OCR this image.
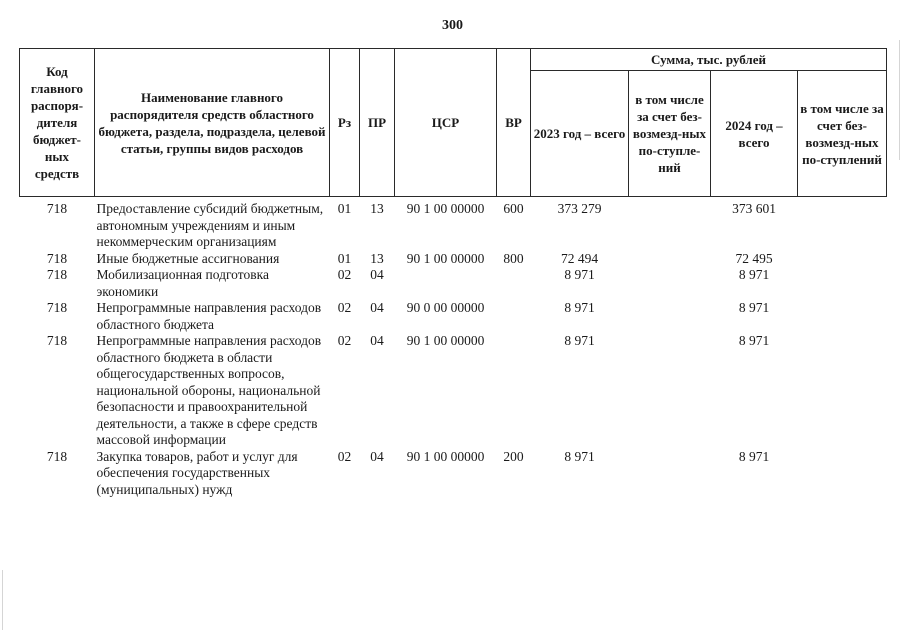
300
Код главного распоря-дителя бюджет-ных средств	Наименование главного распорядителя средств областного бюджета, раздела, подраздела, целевой статьи, группы видов расходов	Рз	ПР	ЦСР	ВР	Сумма, тыс. рублей			
						2023 год – всего	в том числе за счет без-возмезд-ных по-ступле-ний	2024 год – всего	в том числе за счет без-возмезд-ных по-ступлений

718	Предоставление субсидий бюджетным, автономным учреждениям и иным некоммерческим организациям	01	13	90 1 00 00000	600	373 279		373 601	
718	Иные бюджетные ассигнования	01	13	90 1 00 00000	800	72 494		72 495	
718	Мобилизационная подготовка экономики	02	04			8 971		8 971	
718	Непрограммные направления расходов областного бюджета	02	04	90 0 00 00000		8 971		8 971	
718	Непрограммные направления расходов областного бюджета в области общегосударственных вопросов, национальной обороны, национальной безопасности и правоохранительной деятельности, а также в сфере средств массовой информации	02	04	90 1 00 00000		8 971		8 971	
718	Закупка товаров, работ и услуг для обеспечения государственных (муниципальных) нужд	02	04	90 1 00 00000	200	8 971		8 971	
